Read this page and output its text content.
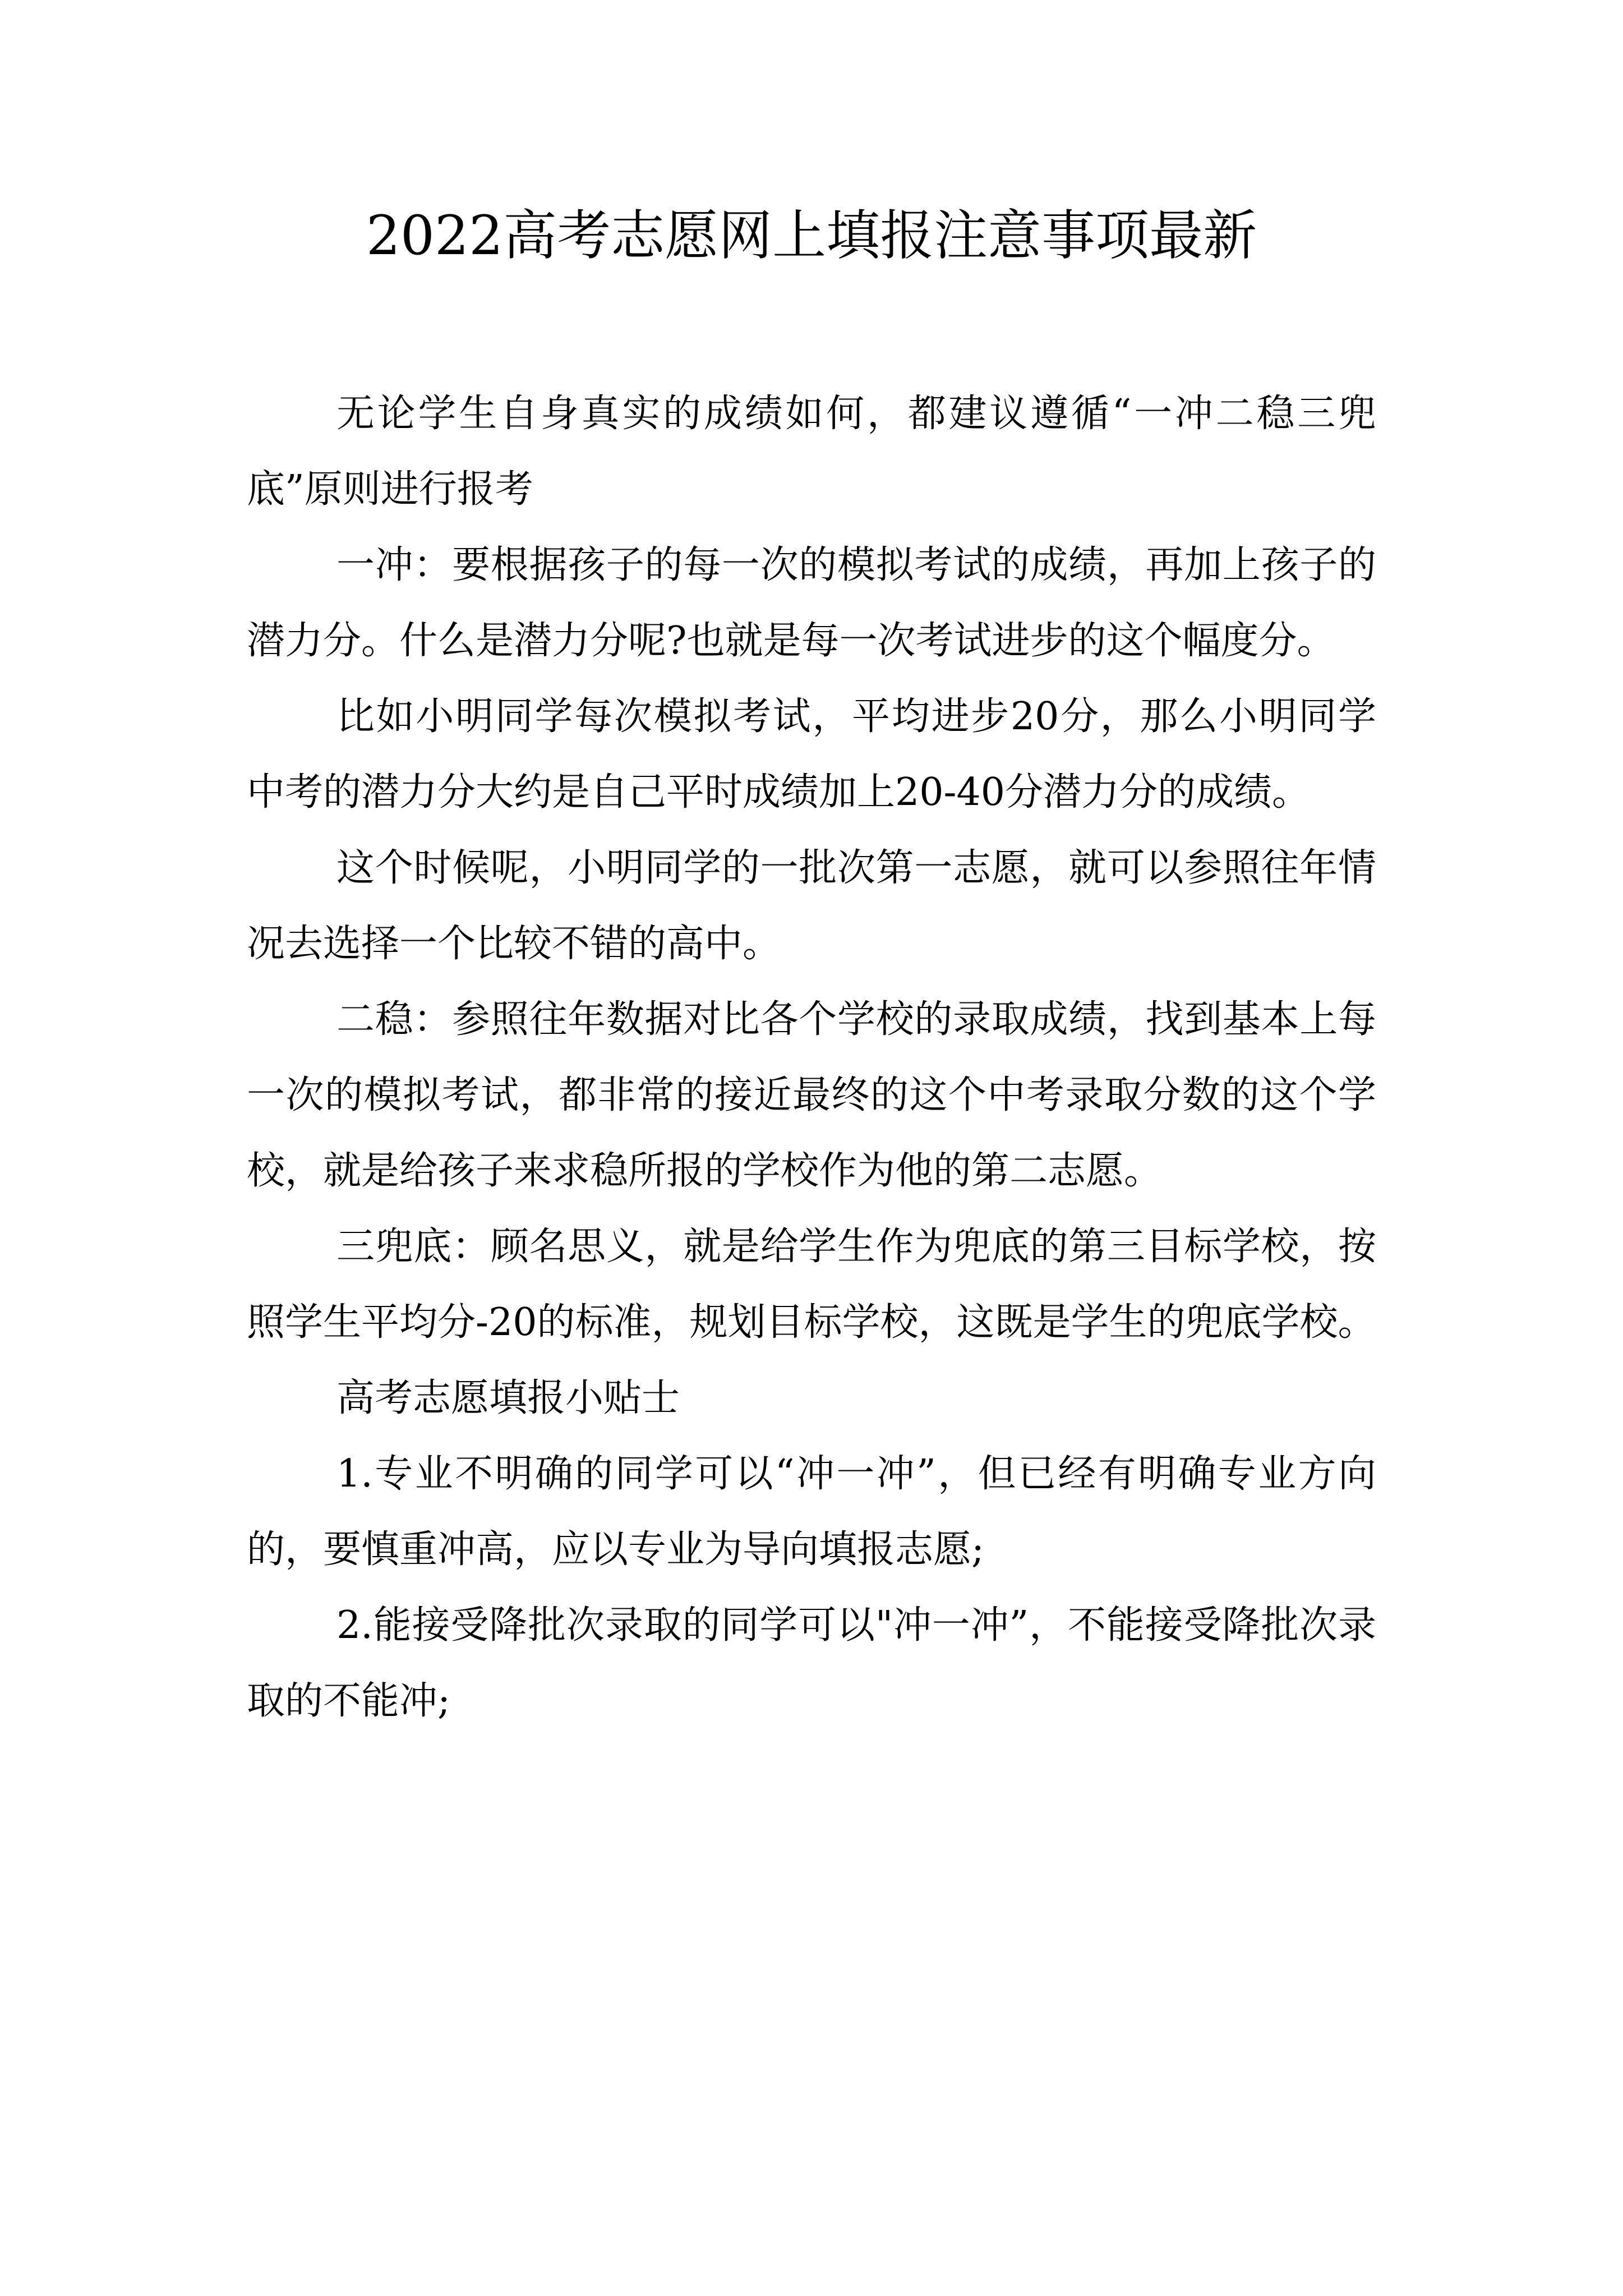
2022高考志愿网上填报注意事项最新

无论学生自身真实的成绩如何，都建议遵循“一冲二稳三兜底”原则进行报考

一冲：要根据孩子的每一次的模拟考试的成绩，再加上孩子的潜力分。什么是潜力分呢?也就是每一次考试进步的这个幅度分。

比如小明同学每次模拟考试，平均进步20分，那么小明同学中考的潜力分大约是自己平时成绩加上20-40分潜力分的成绩。

这个时候呢，小明同学的一批次第一志愿，就可以参照往年情况去选择一个比较不错的高中。

二稳：参照往年数据对比各个学校的录取成绩，找到基本上每一次的模拟考试，都非常的接近最终的这个中考录取分数的这个学校，就是给孩子来求稳所报的学校作为他的第二志愿。

三兜底：顾名思义，就是给学生作为兜底的第三目标学校，按照学生平均分-20的标准，规划目标学校，这既是学生的兜底学校。

高考志愿填报小贴士

1.专业不明确的同学可以“冲一冲”，但已经有明确专业方向的，要慎重冲高，应以专业为导向填报志愿;

2.能接受降批次录取的同学可以"冲一冲”，不能接受降批次录取的不能冲;
